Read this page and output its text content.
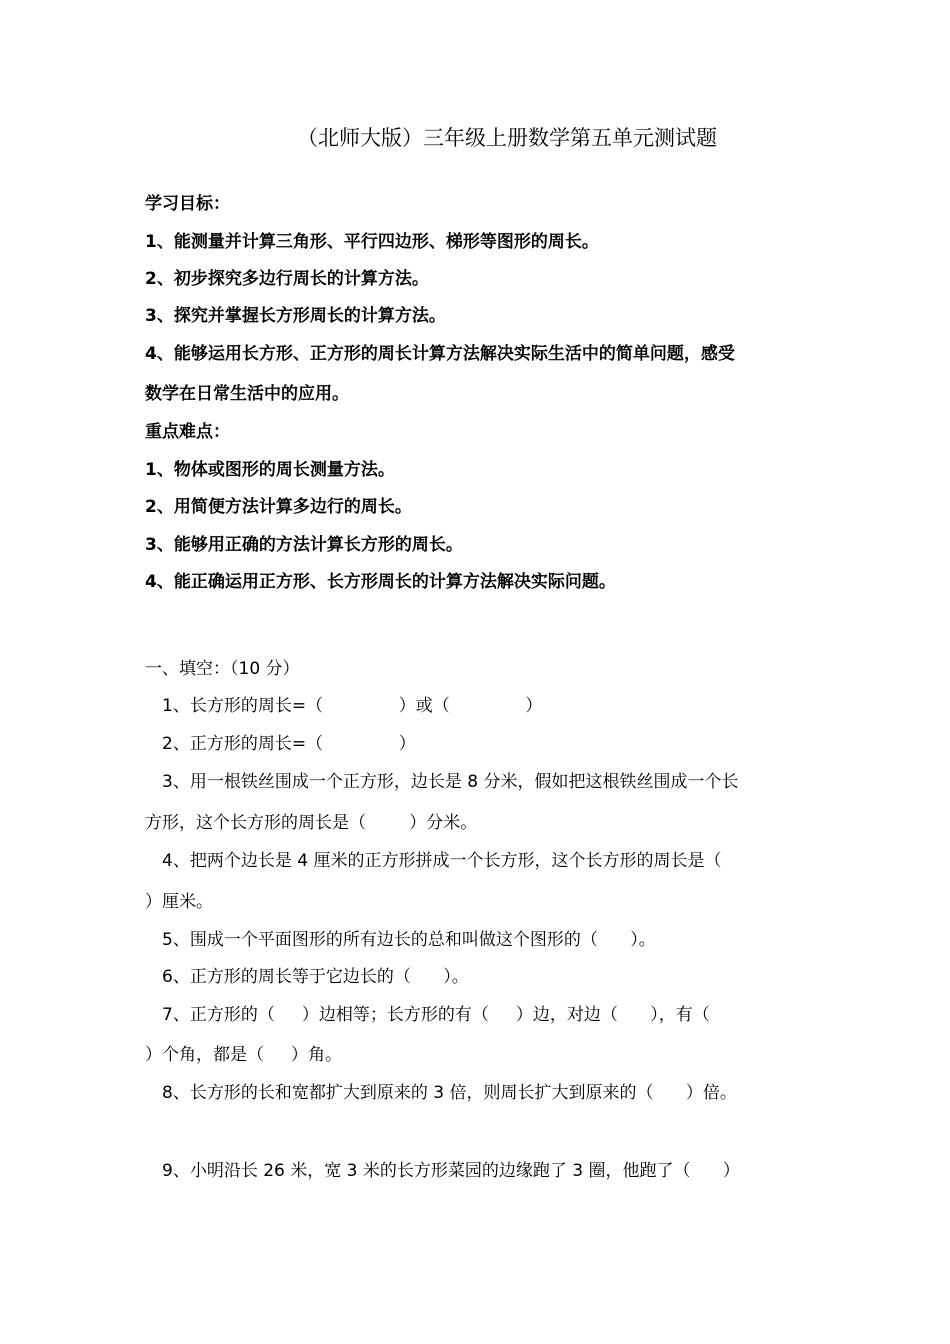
（北师大版）三年级上册数学第五单元测试题
学习目标：
1、能测量并计算三角形、平行四边形、梯形等图形的周长。
2、初步探究多边行周长的计算方法。
3、探究并掌握长方形周长的计算方法。
4、能够运用长方形、正方形的周长计算方法解决实际生活中的简单问题，感受
数学在日常生活中的应用。
重点难点：
1、物体或图形的周长测量方法。
2、用简便方法计算多边行的周长。
3、能够用正确的方法计算长方形的周长。
4、能正确运用正方形、长方形周长的计算方法解决实际问题。
一、填空：（10 分）
1、长方形的周长=（              ）或（              ）
2、正方形的周长=（              ）
3、用一根铁丝围成一个正方形，边长是 8 分米，假如把这根铁丝围成一个长
方形，这个长方形的周长是（        ）分米。
4、把两个边长是 4 厘米的正方形拼成一个长方形，这个长方形的周长是（
）厘米。
5、围成一个平面图形的所有边长的总和叫做这个图形的（      ）。
6、正方形的周长等于它边长的（      ）。
7、正方形的（     ）边相等；长方形的有（     ）边，对边（      ），有（
）个角，都是（     ）角。
8、长方形的长和宽都扩大到原来的 3 倍，则周长扩大到原来的（      ）倍。
9、小明沿长 26 米，宽 3 米的长方形菜园的边缘跑了 3 圈，他跑了（      ）
